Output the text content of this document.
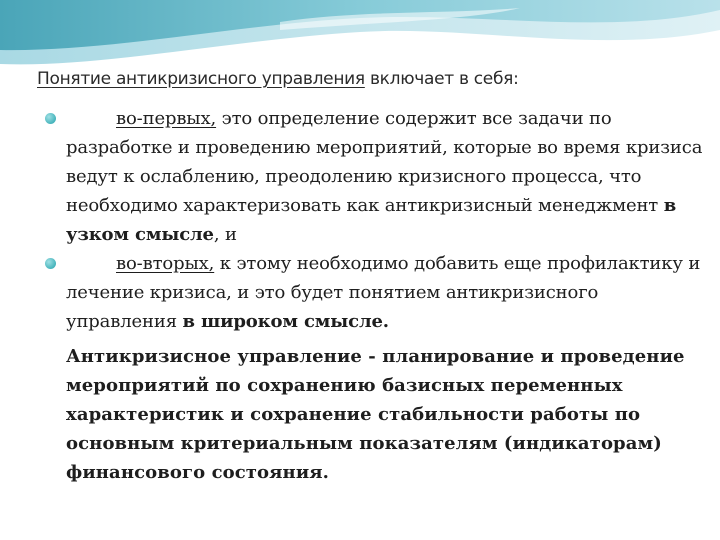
Понятие антикризисного управления включает в себя:

во-первых, это определение содержит все задачи по разработке и проведению мероприятий, которые во время кризиса ведут к ослаблению, преодолению кризисного процесса, что необходимо характеризовать как антикризисный менеджмент в узком смысле, и

во-вторых, к этому необходимо добавить еще профилактику и лечение кризиса, и это будет понятием антикризисного управления в широком смысле.

Антикризисное управление - планирование и проведение мероприятий по сохранению базисных переменных характеристик и сохранение стабильности работы по основным критериальным показателям (индикаторам) финансового состояния.
